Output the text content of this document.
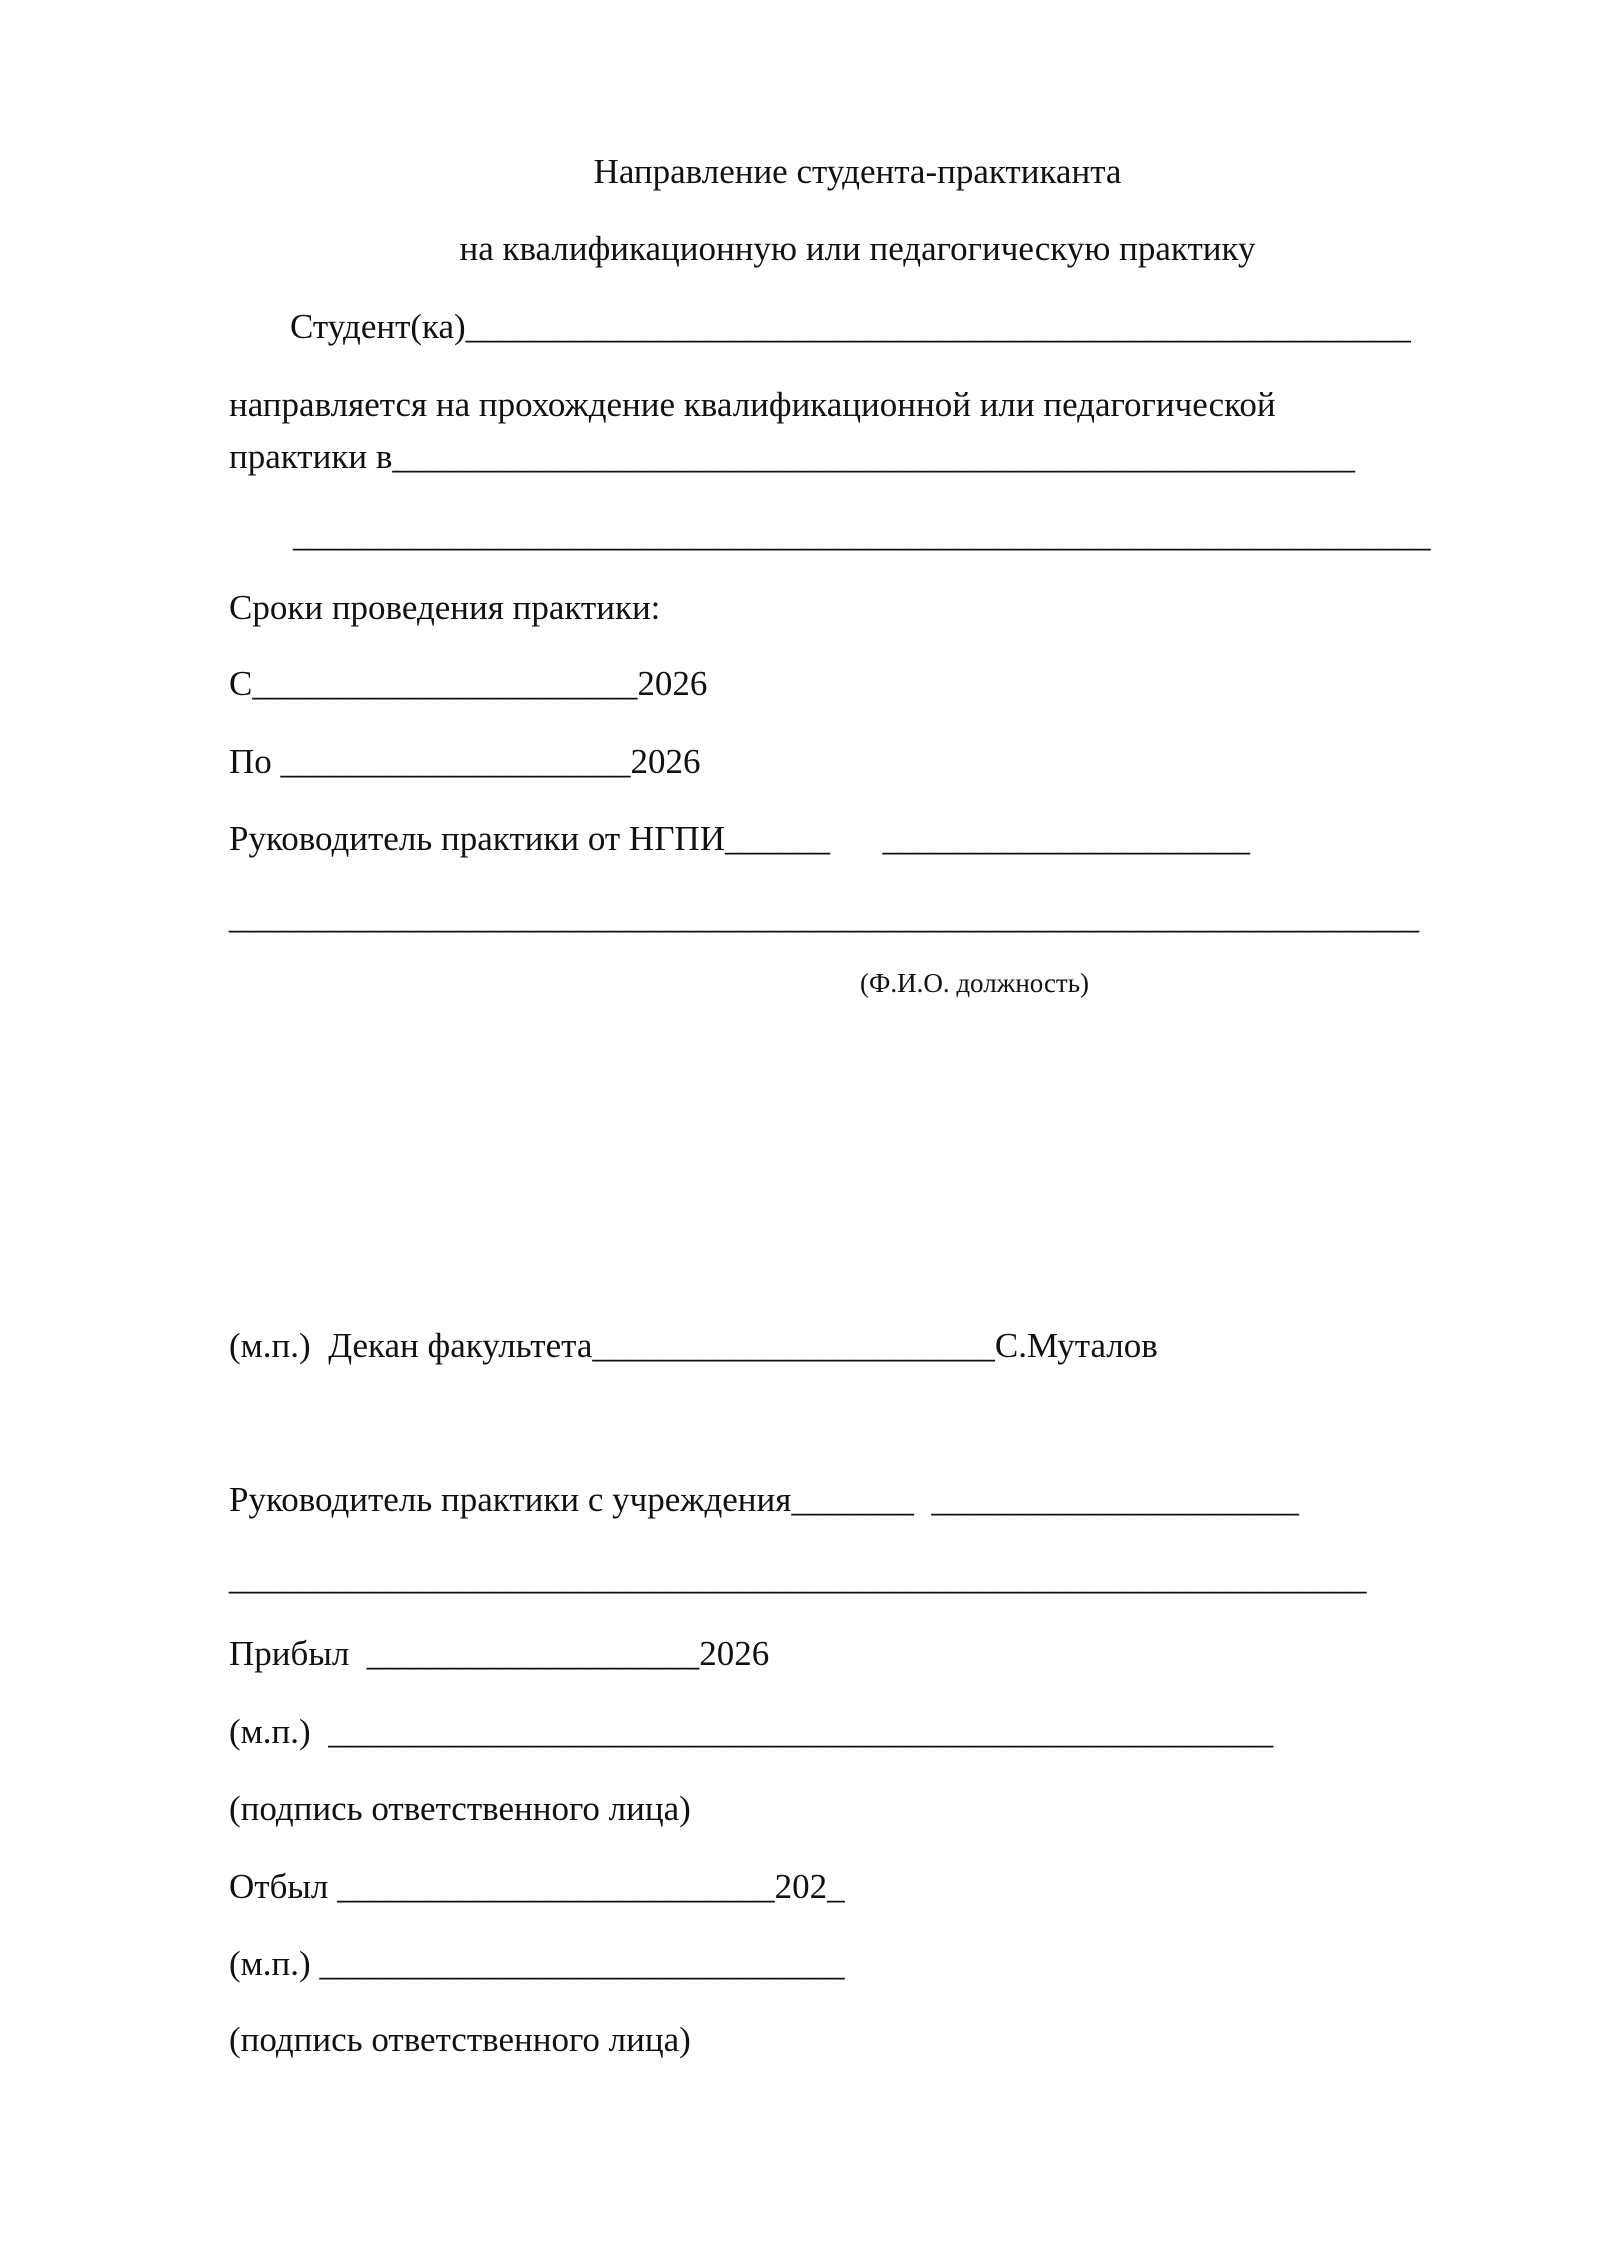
Направление студента-практиканта
на квалификационную или педагогическую практику
Студент(ка)______________________________________________________
направляется на прохождение квалификационной или педагогической
практики в_______________________________________________________
_________________________________________________________________
Сроки проведения практики:
С______________________2026
По ____________________2026
Руководитель практики от НГПИ______      _____________________
____________________________________________________________________
(Ф.И.О. должность)
(м.п.)  Декан факультета_______________________С.Муталов
Руководитель практики с учреждения_______  _____________________
_________________________________________________________________
Прибыл  ___________________2026
(м.п.)  ______________________________________________________
(подпись ответственного лица)
Отбыл _________________________202_
(м.п.) ______________________________
(подпись ответственного лица)
